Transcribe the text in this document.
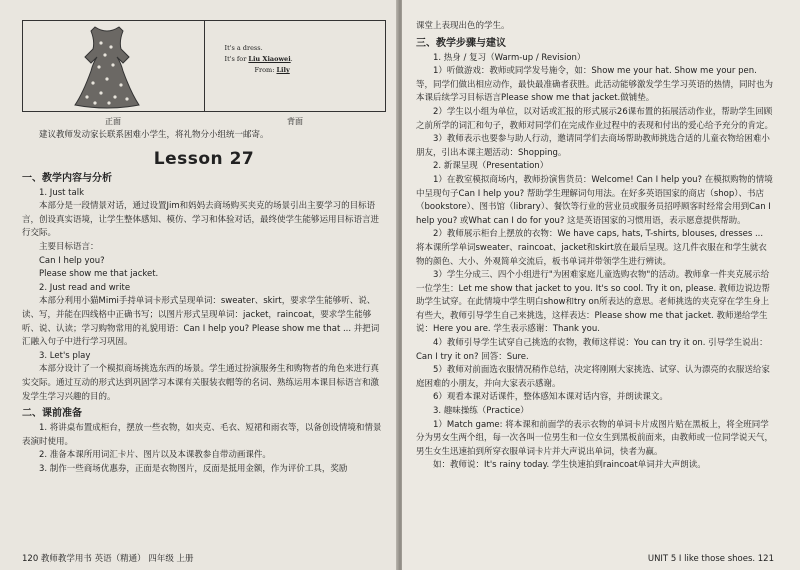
It's a dress.
It's for Liu Xiaowei.
From: Lily
正面	背面

建议教师发动家长联系困难小学生，将礼物分小组统一邮寄。

Lesson 27
一、教学内容与分析

1. Just talk

本部分是一段情景对话，通过设置Jim和妈妈去商场购买夹克的场景引出主要学习的目标语言，创设真实语境，让学生整体感知、模仿、学习和体验对话，最终使学生能够运用目标语言进行交际。

主要目标语言：

Can I help you?

Please show me that jacket.

2. Just read and write

本部分利用小猫Mimi手持单词卡形式呈现单词：sweater、skirt，要求学生能够听、说、读、写，并能在四线格中正确书写；以图片形式呈现单词：jacket，raincoat，要求学生能够听、说、认读；学习购物常用的礼貌用语：Can I help you? Please show me that ... 并把词汇融入句子中进行学习巩固。

3. Let's play

本部分设计了一个模拟商场挑选东西的场景。学生通过扮演服务生和购物者的角色来进行真实交际。通过互动的形式达到巩固学习本课有关服装衣帽等的名词、熟练运用本课目标语言和激发学生学习兴趣的目的。

二、课前准备

1. 将讲桌布置成柜台，摆放一些衣物，如夹克、毛衣、短裙和雨衣等，以备创设情境和情景表演时使用。

2. 准备本课所用词汇卡片、图片以及本课教参自带动画课件。

3. 制作一些商场优惠券，正面是衣物图片，反面是抵用金额，作为评价工具，奖励

120 教师教学用书 英语（精通） 四年级 上册

课堂上表现出色的学生。

三、教学步骤与建议

1. 热身 / 复习（Warm-up / Revision）

1）听做游戏：教师或同学发号施令，如：Show me your hat. Show me your pen. 等，同学们做出相应动作，最快最准确者获胜。此活动能够激发学生学习英语的热情，同时也为本课后续学习目标语言Please show me that jacket.做铺垫。

2）学生以小组为单位，以对话或汇报的形式展示26课布置的拓展活动作业，帮助学生回顾之前所学的词汇和句子，教师对同学们在完成作业过程中的表现和付出的爱心给予充分的肯定。

3）教师表示也要参与助人行动，邀请同学们去商场帮助教师挑选合适的儿童衣物给困难小朋友，引出本课主题活动：Shopping。

2. 新课呈现（Presentation）

1）在教室模拟商场内，教师扮演售货员：Welcome! Can I help you? 在模拟购物的情境中呈现句子Can I help you? 帮助学生理解词句用法。在好多英语国家的商店（shop）、书店（bookstore）、图书馆（library）、餐饮等行业的营业员或服务员招呼顾客时经常会用到Can I help you? 或What can I do for you? 这是英语国家的习惯用语，表示愿意提供帮助。

2）教师展示柜台上摆放的衣物：We have caps, hats, T-shirts, blouses, dresses ... 将本课所学单词sweater、raincoat、jacket和skirt放在最后呈现。这几件衣服在和学生就衣物的颜色、大小、外观简单交流后，板书单词并带领学生进行辨读。

3）学生分成三、四个小组进行"为困难家庭儿童选购衣物"的活动。教师拿一件夹克展示给一位学生：Let me show that jacket to you. It's so cool. Try it on, please. 教师边说边帮助学生试穿。在此情境中学生明白show和try on所表达的意思。老师挑选的夹克穿在学生身上有些大，教师引导学生自己来挑选，这样表达：Please show me that jacket. 教师递给学生说：Here you are. 学生表示感谢：Thank you.

4）教师引导学生试穿自己挑选的衣物，教师这样说：You can try it on. 引导学生说出：Can I try it on? 回答：Sure.

5）教师对前面选衣服情况稍作总结，决定将刚刚大家挑选、试穿、认为漂亮的衣服送给家庭困难的小朋友，并向大家表示感谢。

6）观看本课对话课件，整体感知本课对话内容，并朗读课文。

3. 趣味操练（Practice）

1）Match game: 将本课和前面学的表示衣物的单词卡片成图片贴在黑板上，将全班同学分为男女生两个组，每一次各叫一位男生和一位女生到黑板前面来，由教师或一位同学说天气，男生女生迅速拍到所穿衣服单词卡片并大声说出单词，快者为赢。

如：教师说：It's rainy today. 学生快速拍到raincoat单词并大声朗读。

UNIT 5 I like those shoes. 121
